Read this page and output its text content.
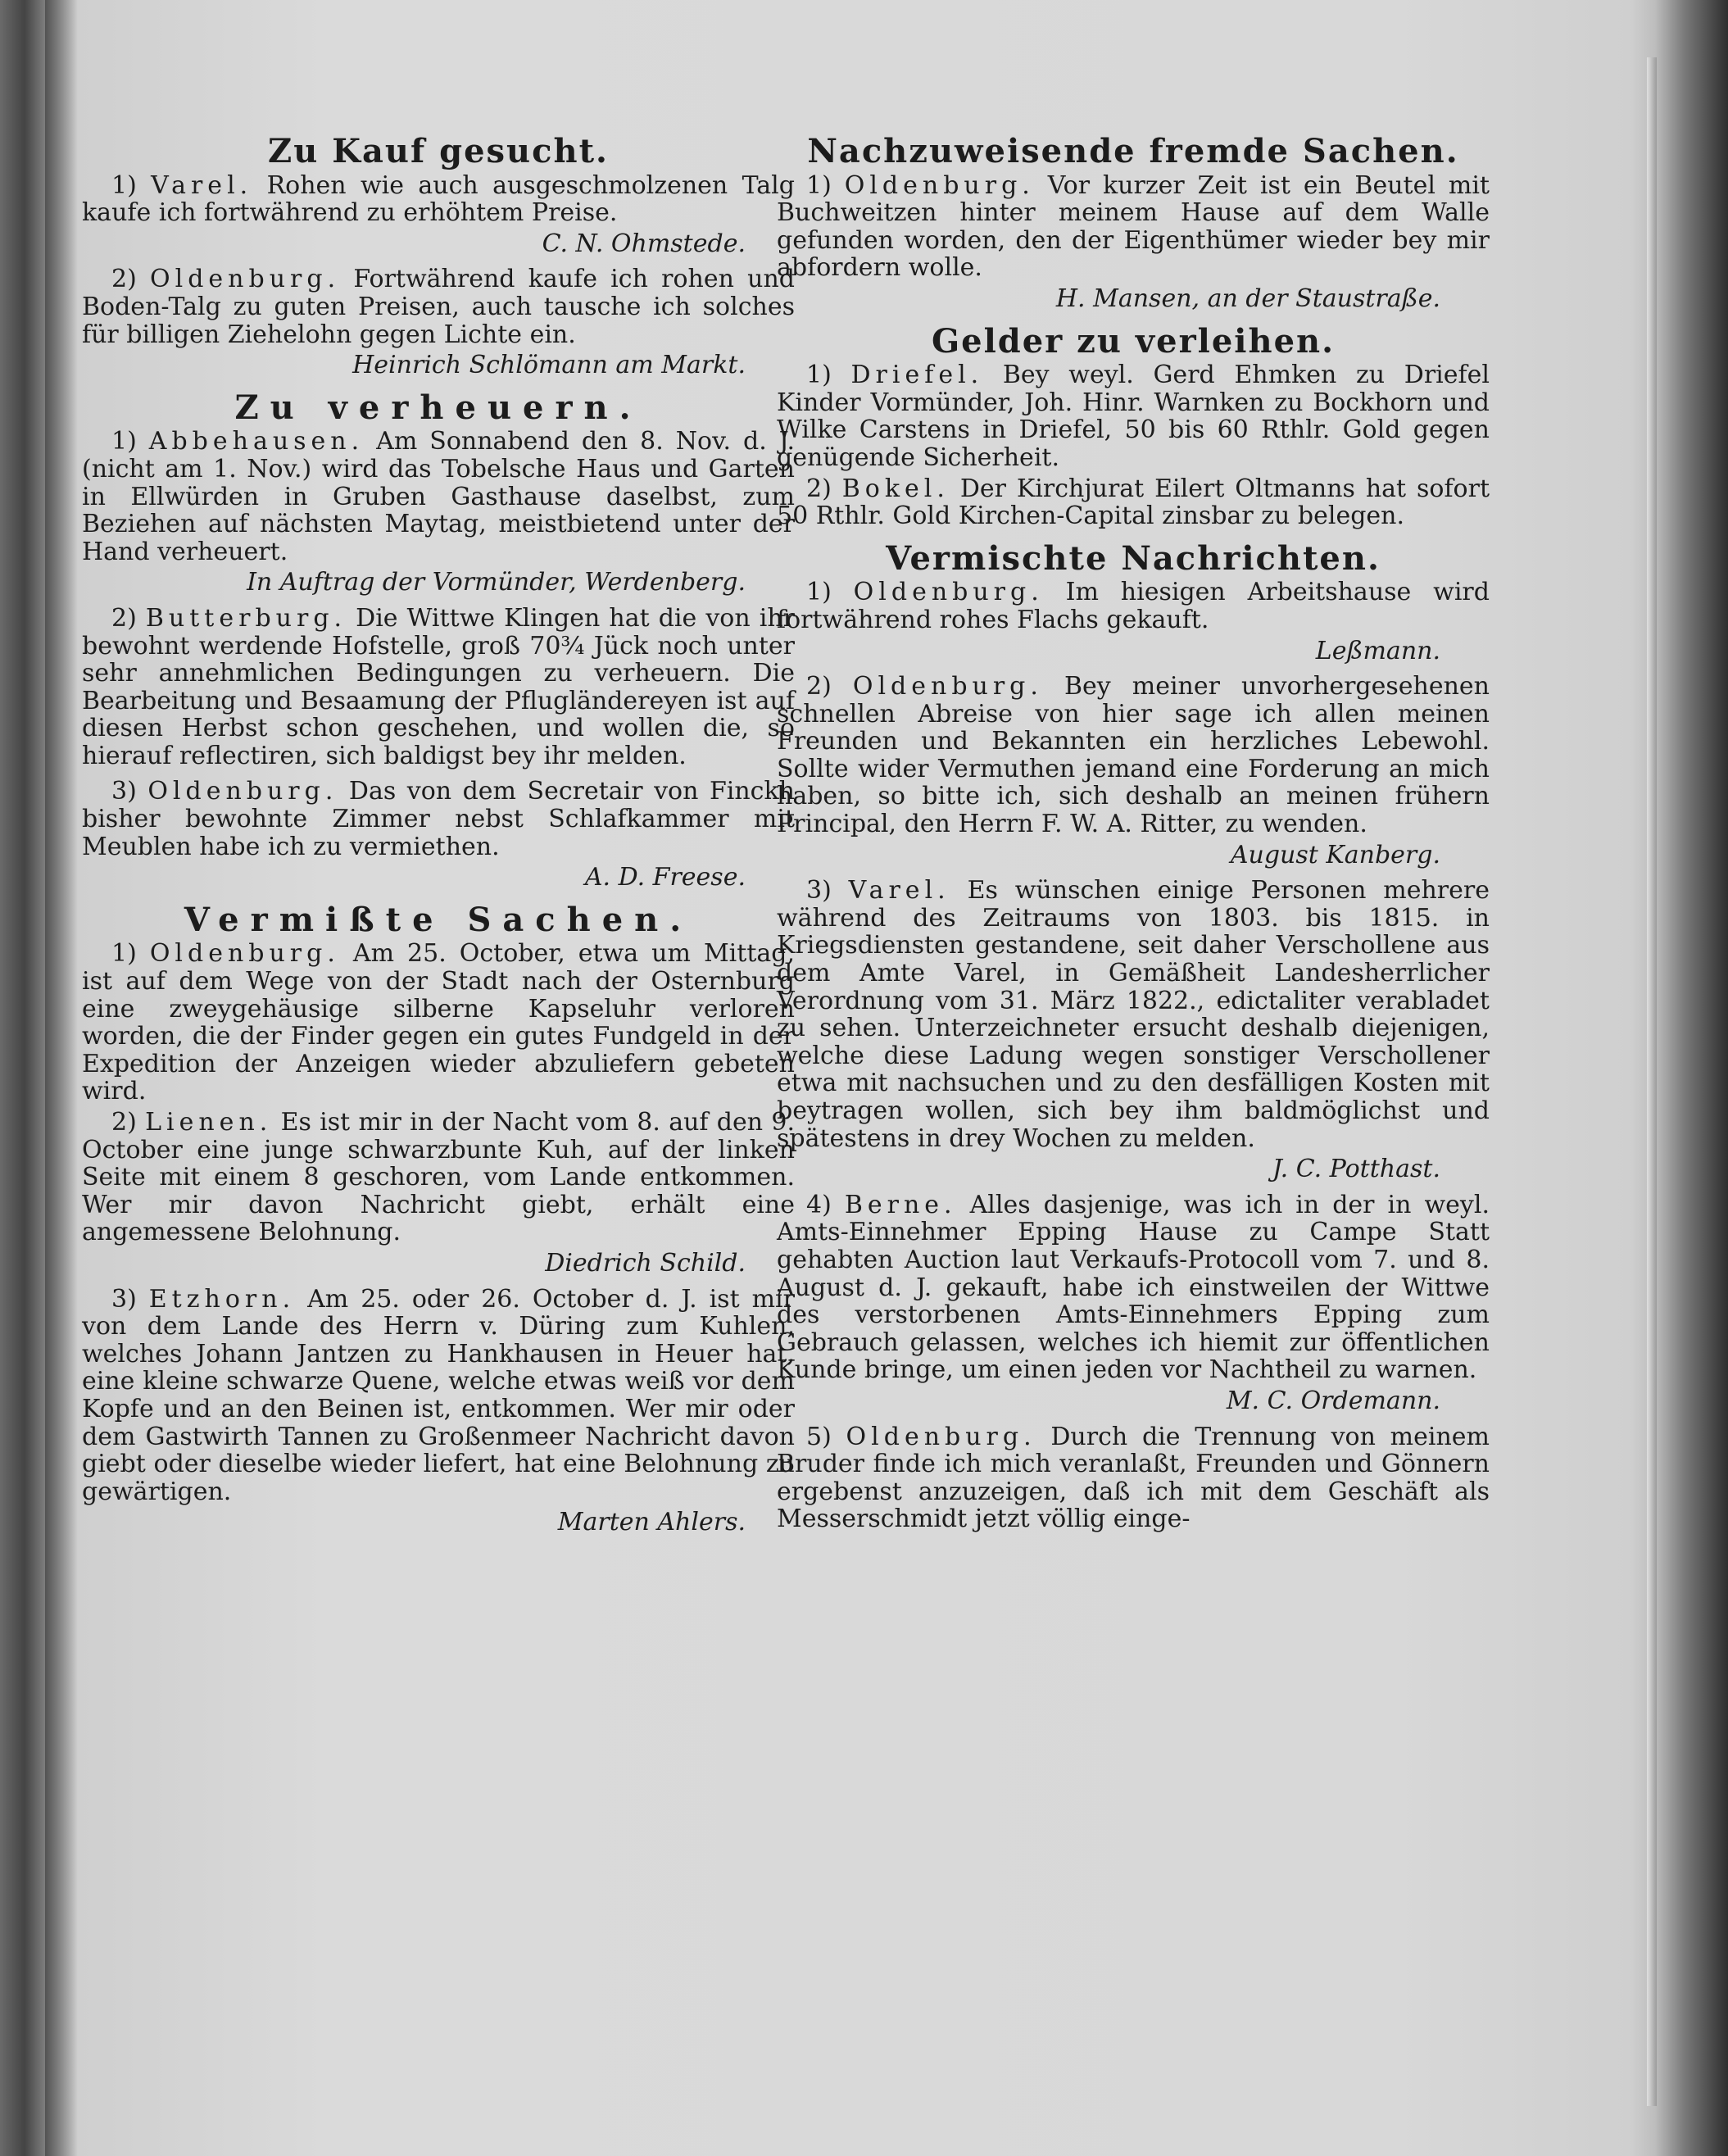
Zu Kauf gesucht.
1) Varel. Rohen wie auch ausgeschmolzenen Talg kaufe ich fortwährend zu erhöhtem Preise.
C. N. Ohmstede.
2) Oldenburg. Fortwährend kaufe ich rohen und Boden-Talg zu guten Preisen, auch tausche ich solches für billigen Ziehelohn gegen Lichte ein.
Heinrich Schlömann am Markt.
Zu verheuern.
1) Abbehausen. Am Sonnabend den 8. Nov. d. J. (nicht am 1. Nov.) wird das Tobelsche Haus und Garten in Ellwürden in Gruben Gasthause daselbst, zum Beziehen auf nächsten Maytag, meistbietend unter der Hand verheuert.
In Auftrag der Vormünder, Werdenberg.
2) Butterburg. Die Wittwe Klingen hat die von ihr bewohnt werdende Hofstelle, groß 70¾ Jück noch unter sehr annehmlichen Bedingungen zu verheuern. Die Bearbeitung und Besaamung der Pflugländereyen ist auf diesen Herbst schon geschehen, und wollen die, so hierauf reflectiren, sich baldigst bey ihr melden.
3) Oldenburg. Das von dem Secretair von Finckh bisher bewohnte Zimmer nebst Schlafkammer mit Meublen habe ich zu vermiethen.
A. D. Freese.
Vermißte Sachen.
1) Oldenburg. Am 25. October, etwa um Mittag, ist auf dem Wege von der Stadt nach der Osternburg eine zweygehäusige silberne Kapseluhr verloren worden, die der Finder gegen ein gutes Fundgeld in der Expedition der Anzeigen wieder abzuliefern gebeten wird.
2) Lienen. Es ist mir in der Nacht vom 8. auf den 9. October eine junge schwarzbunte Kuh, auf der linken Seite mit einem 8 geschoren, vom Lande entkommen. Wer mir davon Nachricht giebt, erhält eine angemessene Belohnung.
Diedrich Schild.
3) Etzhorn. Am 25. oder 26. October d. J. ist mir von dem Lande des Herrn v. Düring zum Kuhlen, welches Johann Jantzen zu Hankhausen in Heuer hat, eine kleine schwarze Quene, welche etwas weiß vor dem Kopfe und an den Beinen ist, entkommen. Wer mir oder dem Gastwirth Tannen zu Großenmeer Nachricht davon giebt oder dieselbe wieder liefert, hat eine Belohnung zu gewärtigen.
Marten Ahlers.
Nachzuweisende fremde Sachen.
1) Oldenburg. Vor kurzer Zeit ist ein Beutel mit Buchweitzen hinter meinem Hause auf dem Walle gefunden worden, den der Eigenthümer wieder bey mir abfordern wolle.
H. Mansen, an der Staustraße.
Gelder zu verleihen.
1) Driefel. Bey weyl. Gerd Ehmken zu Driefel Kinder Vormünder, Joh. Hinr. Warnken zu Bockhorn und Wilke Carstens in Driefel, 50 bis 60 Rthlr. Gold gegen genügende Sicherheit.
2) Bokel. Der Kirchjurat Eilert Oltmanns hat sofort 50 Rthlr. Gold Kirchen-Capital zinsbar zu belegen.
Vermischte Nachrichten.
1) Oldenburg. Im hiesigen Arbeitshause wird fortwährend rohes Flachs gekauft.
Leßmann.
2) Oldenburg. Bey meiner unvorhergesehenen schnellen Abreise von hier sage ich allen meinen Freunden und Bekannten ein herzliches Lebewohl. Sollte wider Vermuthen jemand eine Forderung an mich haben, so bitte ich, sich deshalb an meinen frühern Principal, den Herrn F. W. A. Ritter, zu wenden.
August Kanberg.
3) Varel. Es wünschen einige Personen mehrere während des Zeitraums von 1803. bis 1815. in Kriegsdiensten gestandene, seit daher Verschollene aus dem Amte Varel, in Gemäßheit Landesherrlicher Verordnung vom 31. März 1822., edictaliter verabladet zu sehen. Unterzeichneter ersucht deshalb diejenigen, welche diese Ladung wegen sonstiger Verschollener etwa mit nachsuchen und zu den desfälligen Kosten mit beytragen wollen, sich bey ihm baldmöglichst und spätestens in drey Wochen zu melden.
J. C. Potthast.
4) Berne. Alles dasjenige, was ich in der in weyl. Amts-Einnehmer Epping Hause zu Campe Statt gehabten Auction laut Verkaufs-Protocoll vom 7. und 8. August d. J. gekauft, habe ich einstweilen der Wittwe des verstorbenen Amts-Einnehmers Epping zum Gebrauch gelassen, welches ich hiemit zur öffentlichen Kunde bringe, um einen jeden vor Nachtheil zu warnen.
M. C. Ordemann.
5) Oldenburg. Durch die Trennung von meinem Bruder finde ich mich veranlaßt, Freunden und Gönnern ergebenst anzuzeigen, daß ich mit dem Geschäft als Messerschmidt jetzt völlig einge-
